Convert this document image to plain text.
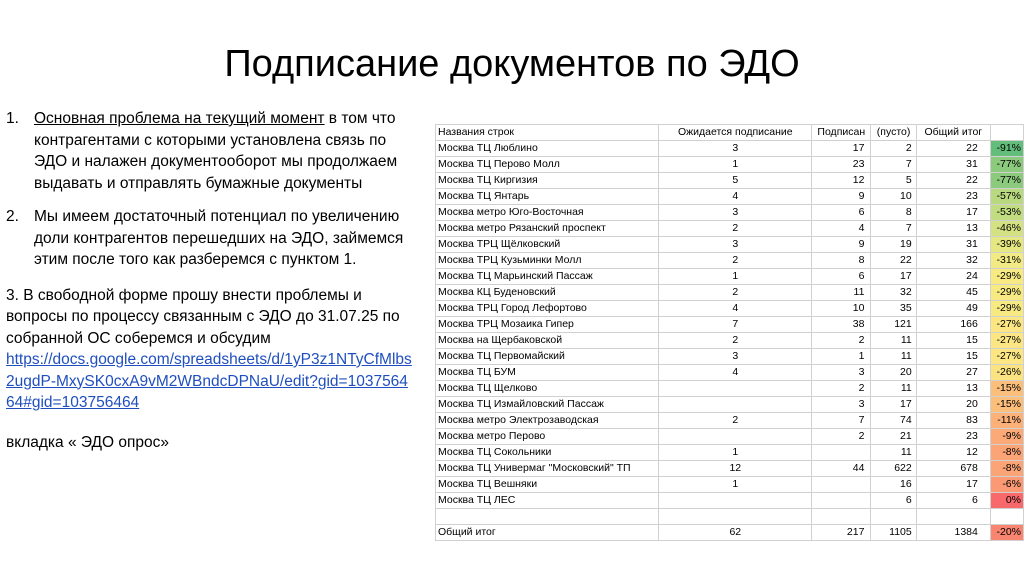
Подписание документов по ЭДО

1. Основная проблема на текущий момент в том что контрагентами с которыми установлена связь по ЭДО и налажен документооборот мы продолжаем выдавать и отправлять бумажные документы

2. Мы имеем достаточный потенциал по увеличению доли контрагентов перешедших на ЭДО, займемся этим после того как разберемся с пунктом 1.

3. В свободной форме прошу внести проблемы и вопросы по процессу связанным с ЭДО до 31.07.25 по собранной ОС соберемся и обсудим
https://docs.google.com/spreadsheets/d/1yP3z1NTyCfMlbs2ugdP-MxySK0cxA9vM2WBndcDPNaU/edit?gid=103756464#gid=103756464
вкладка « ЭДО опрос»
Названия строк	Ожидается подписание	Подписан	(пусто)	Общий итог	
Москва ТЦ Люблино	3	17	2	22	-91%
Москва ТЦ Перово Молл	1	23	7	31	-77%
Москва ТЦ Киргизия	5	12	5	22	-77%
Москва ТЦ Янтарь	4	9	10	23	-57%
Москва метро Юго-Восточная	3	6	8	17	-53%
Москва метро Рязанский проспект	2	4	7	13	-46%
Москва ТРЦ Щёлковский	3	9	19	31	-39%
Москва ТРЦ Кузьминки Молл	2	8	22	32	-31%
Москва ТЦ Марьинский Пассаж	1	6	17	24	-29%
Москва КЦ Буденовский	2	11	32	45	-29%
Москва ТРЦ Город Лефортово	4	10	35	49	-29%
Москва ТРЦ Мозаика Гипер	7	38	121	166	-27%
Москва на Щербаковской	2	2	11	15	-27%
Москва ТЦ Первомайский	3	1	11	15	-27%
Москва ТЦ БУМ	4	3	20	27	-26%
Москва ТЦ Щелково		2	11	13	-15%
Москва ТЦ Измайловский Пассаж		3	17	20	-15%
Москва метро Электрозаводская	2	7	74	83	-11%
Москва метро Перово		2	21	23	-9%
Москва ТЦ Сокольники	1		11	12	-8%
Москва ТЦ Универмаг "Московский" ТП	12	44	622	678	-8%
Москва ТЦ Вешняки	1		16	17	-6%
Москва ТЦ ЛЕС			6	6	0%

Общий итог	62	217	1105	1384	-20%
